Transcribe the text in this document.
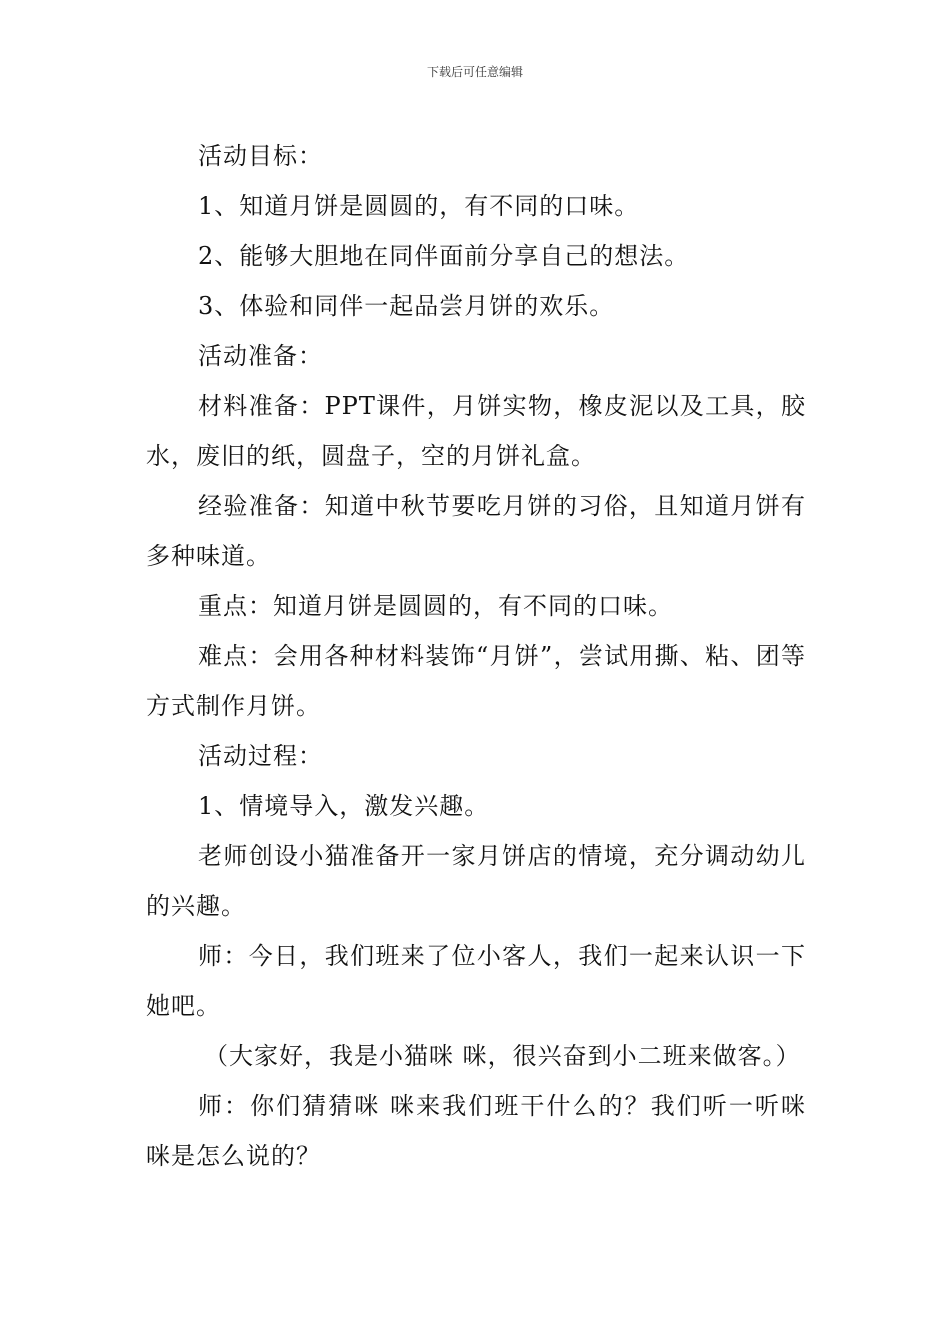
下载后可任意编辑

活动目标：

1、知道月饼是圆圆的，有不同的口味。

2、能够大胆地在同伴面前分享自己的想法。

3、体验和同伴一起品尝月饼的欢乐。

活动准备：

材料准备：PPT课件，月饼实物，橡皮泥以及工具，胶水，废旧的纸，圆盘子，空的月饼礼盒。

经验准备：知道中秋节要吃月饼的习俗，且知道月饼有多种味道。

重点：知道月饼是圆圆的，有不同的口味。

难点：会用各种材料装饰“月饼”，尝试用撕、粘、团等方式制作月饼。

活动过程：

1、情境导入，激发兴趣。

老师创设小猫准备开一家月饼店的情境，充分调动幼儿的兴趣。

师：今日，我们班来了位小客人，我们一起来认识一下她吧。

（大家好，我是小猫咪 咪，很兴奋到小二班来做客。）

师：你们猜猜咪 咪来我们班干什么的？我们听一听咪咪是怎么说的？
